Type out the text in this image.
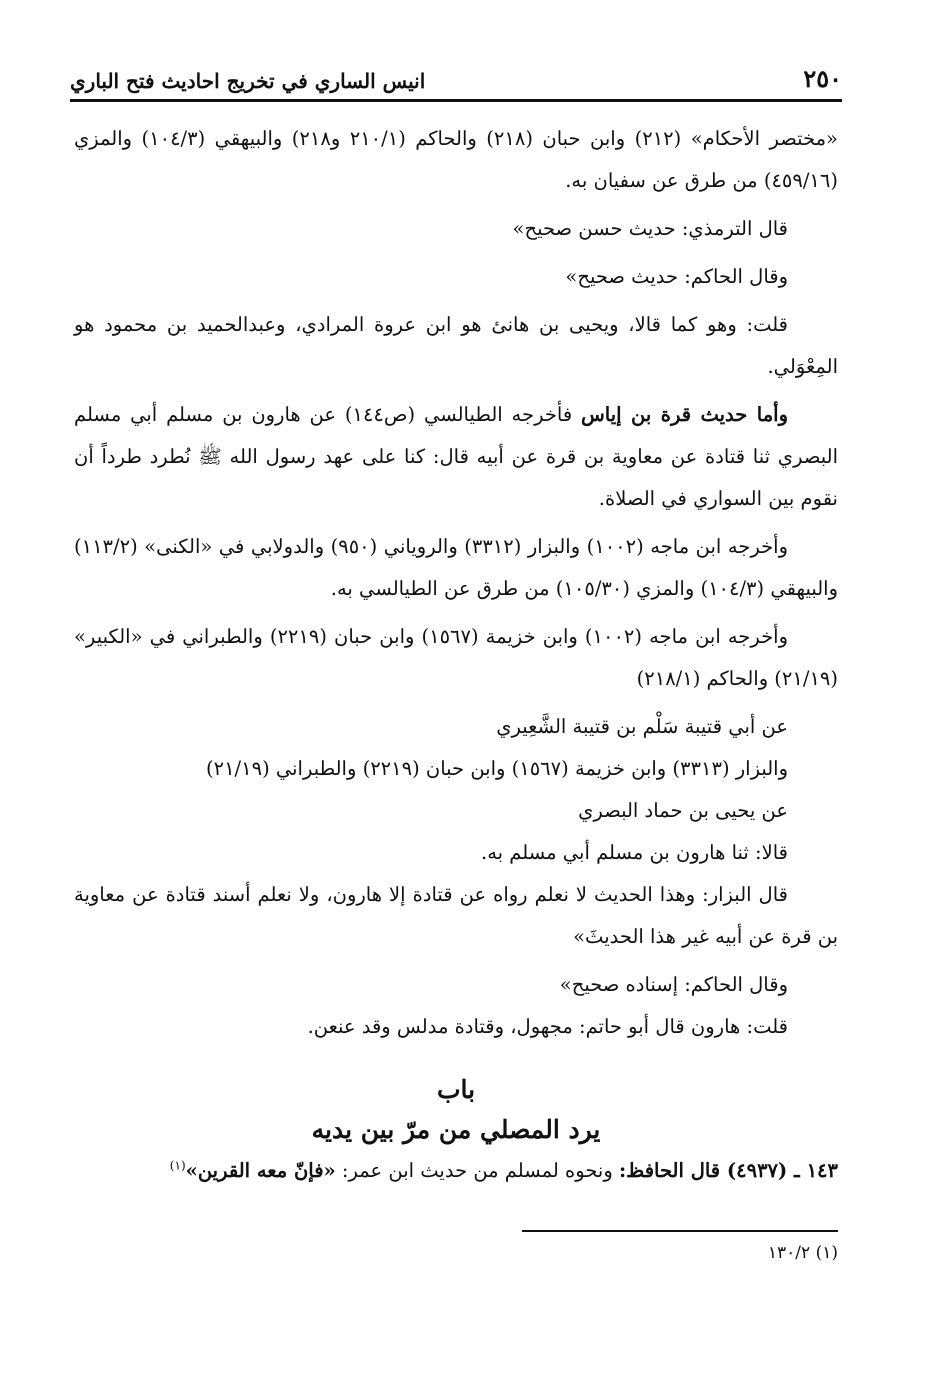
٢٥٠
انيس الساري في تخريج احاديث فتح الباري

«مختصر الأحكام» (٢١٢) وابن حبان (٢١٨) والحاكم (٢١٠/١ و٢١٨) والبيهقي (١٠٤/٣) والمزي (٤٥٩/١٦) من طرق عن سفيان به.

قال الترمذي: حديث حسن صحيح»

وقال الحاكم: حديث صحيح»

قلت: وهو كما قالا، ويحيى بن هانئ هو ابن عروة المرادي، وعبدالحميد بن محمود هو المِعْوَلي.

وأما حديث قرة بن إياس فأخرجه الطيالسي (ص١٤٤) عن هارون بن مسلم أبي مسلم البصري ثنا قتادة عن معاوية بن قرة عن أبيه قال: كنا على عهد رسول الله ﷺ نُطرد طرداً أن نقوم بين السواري في الصلاة.

وأخرجه ابن ماجه (١٠٠٢) والبزار (٣٣١٢) والروياني (٩٥٠) والدولابي في «الكنى» (١١٣/٢) والبيهقي (١٠٤/٣) والمزي (١٠٥/٣٠) من طرق عن الطيالسي به.

وأخرجه ابن ماجه (١٠٠٢) وابن خزيمة (١٥٦٧) وابن حبان (٢٢١٩) والطبراني في «الكبير» (٢١/١٩) والحاكم (٢١٨/١)

عن أبي قتيبة سَلْم بن قتيبة الشَّعِيري

والبزار (٣٣١٣) وابن خزيمة (١٥٦٧) وابن حبان (٢٢١٩) والطبراني (٢١/١٩)

عن يحيى بن حماد البصري

قالا: ثنا هارون بن مسلم أبي مسلم به.

قال البزار: وهذا الحديث لا نعلم رواه عن قتادة إلا هارون، ولا نعلم أسند قتادة عن معاوية بن قرة عن أبيه غير هذا الحديثَ»

وقال الحاكم: إسناده صحيح»

قلت: هارون قال أبو حاتم: مجهول، وقتادة مدلس وقد عنعن.

باب

يرد المصلي من مرّ بين يديه

١٤٣ ـ (٤٩٣٧) قال الحافظ: ونحوه لمسلم من حديث ابن عمر: «فإنّ معه القرين»$^{(١)}$

(١) ١٣٠/٢
